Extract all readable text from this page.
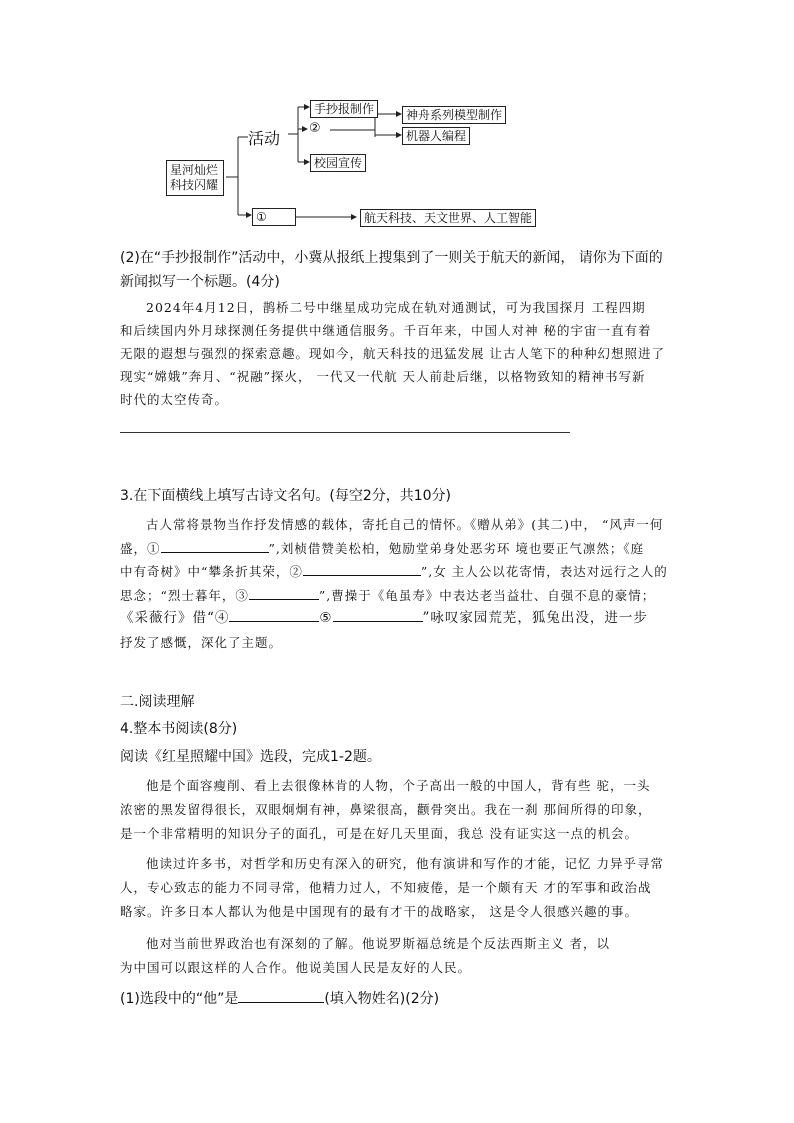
星河灿烂
科技闪耀
活动
手抄报制作
②
校园宣传
神舟系列模型制作
机器人编程
①	航天科技、天文世界、人工智能
(2)在“手抄报制作”活动中，小冀从报纸上搜集到了一则关于航天的新闻， 请你为下面的新闻拟写一个标题。(4分)
2024年4月12日，鹊桥二号中继星成功完成在轨对通测试，可为我国探月 工程四期
和后续国内外月球探测任务提供中继通信服务。千百年来，中国人对神 秘的宇宙一直有着
无限的遐想与强烈的探索意趣。现如今，航天科技的迅猛发展 让古人笔下的种种幻想照进了
现实“嫦娥”奔月、“祝融”探火， 一代又一代航 天人前赴后继，以格物致知的精神书写新
时代的太空传奇。
3.在下面横线上填写古诗文名句。(每空2分，共10分)
古人常将景物当作抒发情感的载体，寄托自己的情怀。《赠从弟》(其二)中， “风声一何
盛，①	”,刘桢借赞美松柏，勉励堂弟身处恶劣环 境也要正气凛然；《庭
中有奇树》中“攀条折其荣，②	”,女 主人公以花寄情，表达对远行之人的
思念；“烈士暮年，③	”,曹操于《龟虽寿》中表达老当益壮、自强不息的豪情；
《采薇行》借“④	⑤	”咏叹家园荒芜，狐兔出没，进一步
抒发了感慨，深化了主题。
二.阅读理解
4.整本书阅读(8分)
阅读《红星照耀中国》选段，完成1-2题。
他是个面容瘦削、看上去很像林肯的人物，个子高出一般的中国人，背有些 驼，一头
浓密的黑发留得很长，双眼炯炯有神，鼻梁很高，颧骨突出。我在一刹 那间所得的印象，
是一个非常精明的知识分子的面孔，可是在好几天里面，我总 没有证实这一点的机会。
他读过许多书，对哲学和历史有深入的研究，他有演讲和写作的才能，记忆 力异乎寻常
人，专心致志的能力不同寻常，他精力过人，不知疲倦，是一个颇有天 才的军事和政治战
略家。许多日本人都认为他是中国现有的最有才干的战略家， 这是令人很感兴趣的事。
他对当前世界政治也有深刻的了解。他说罗斯福总统是个反法西斯主义 者，以
为中国可以跟这样的人合作。他说美国人民是友好的人民。
(1)选段中的“他”是	(填入物姓名)(2分)
